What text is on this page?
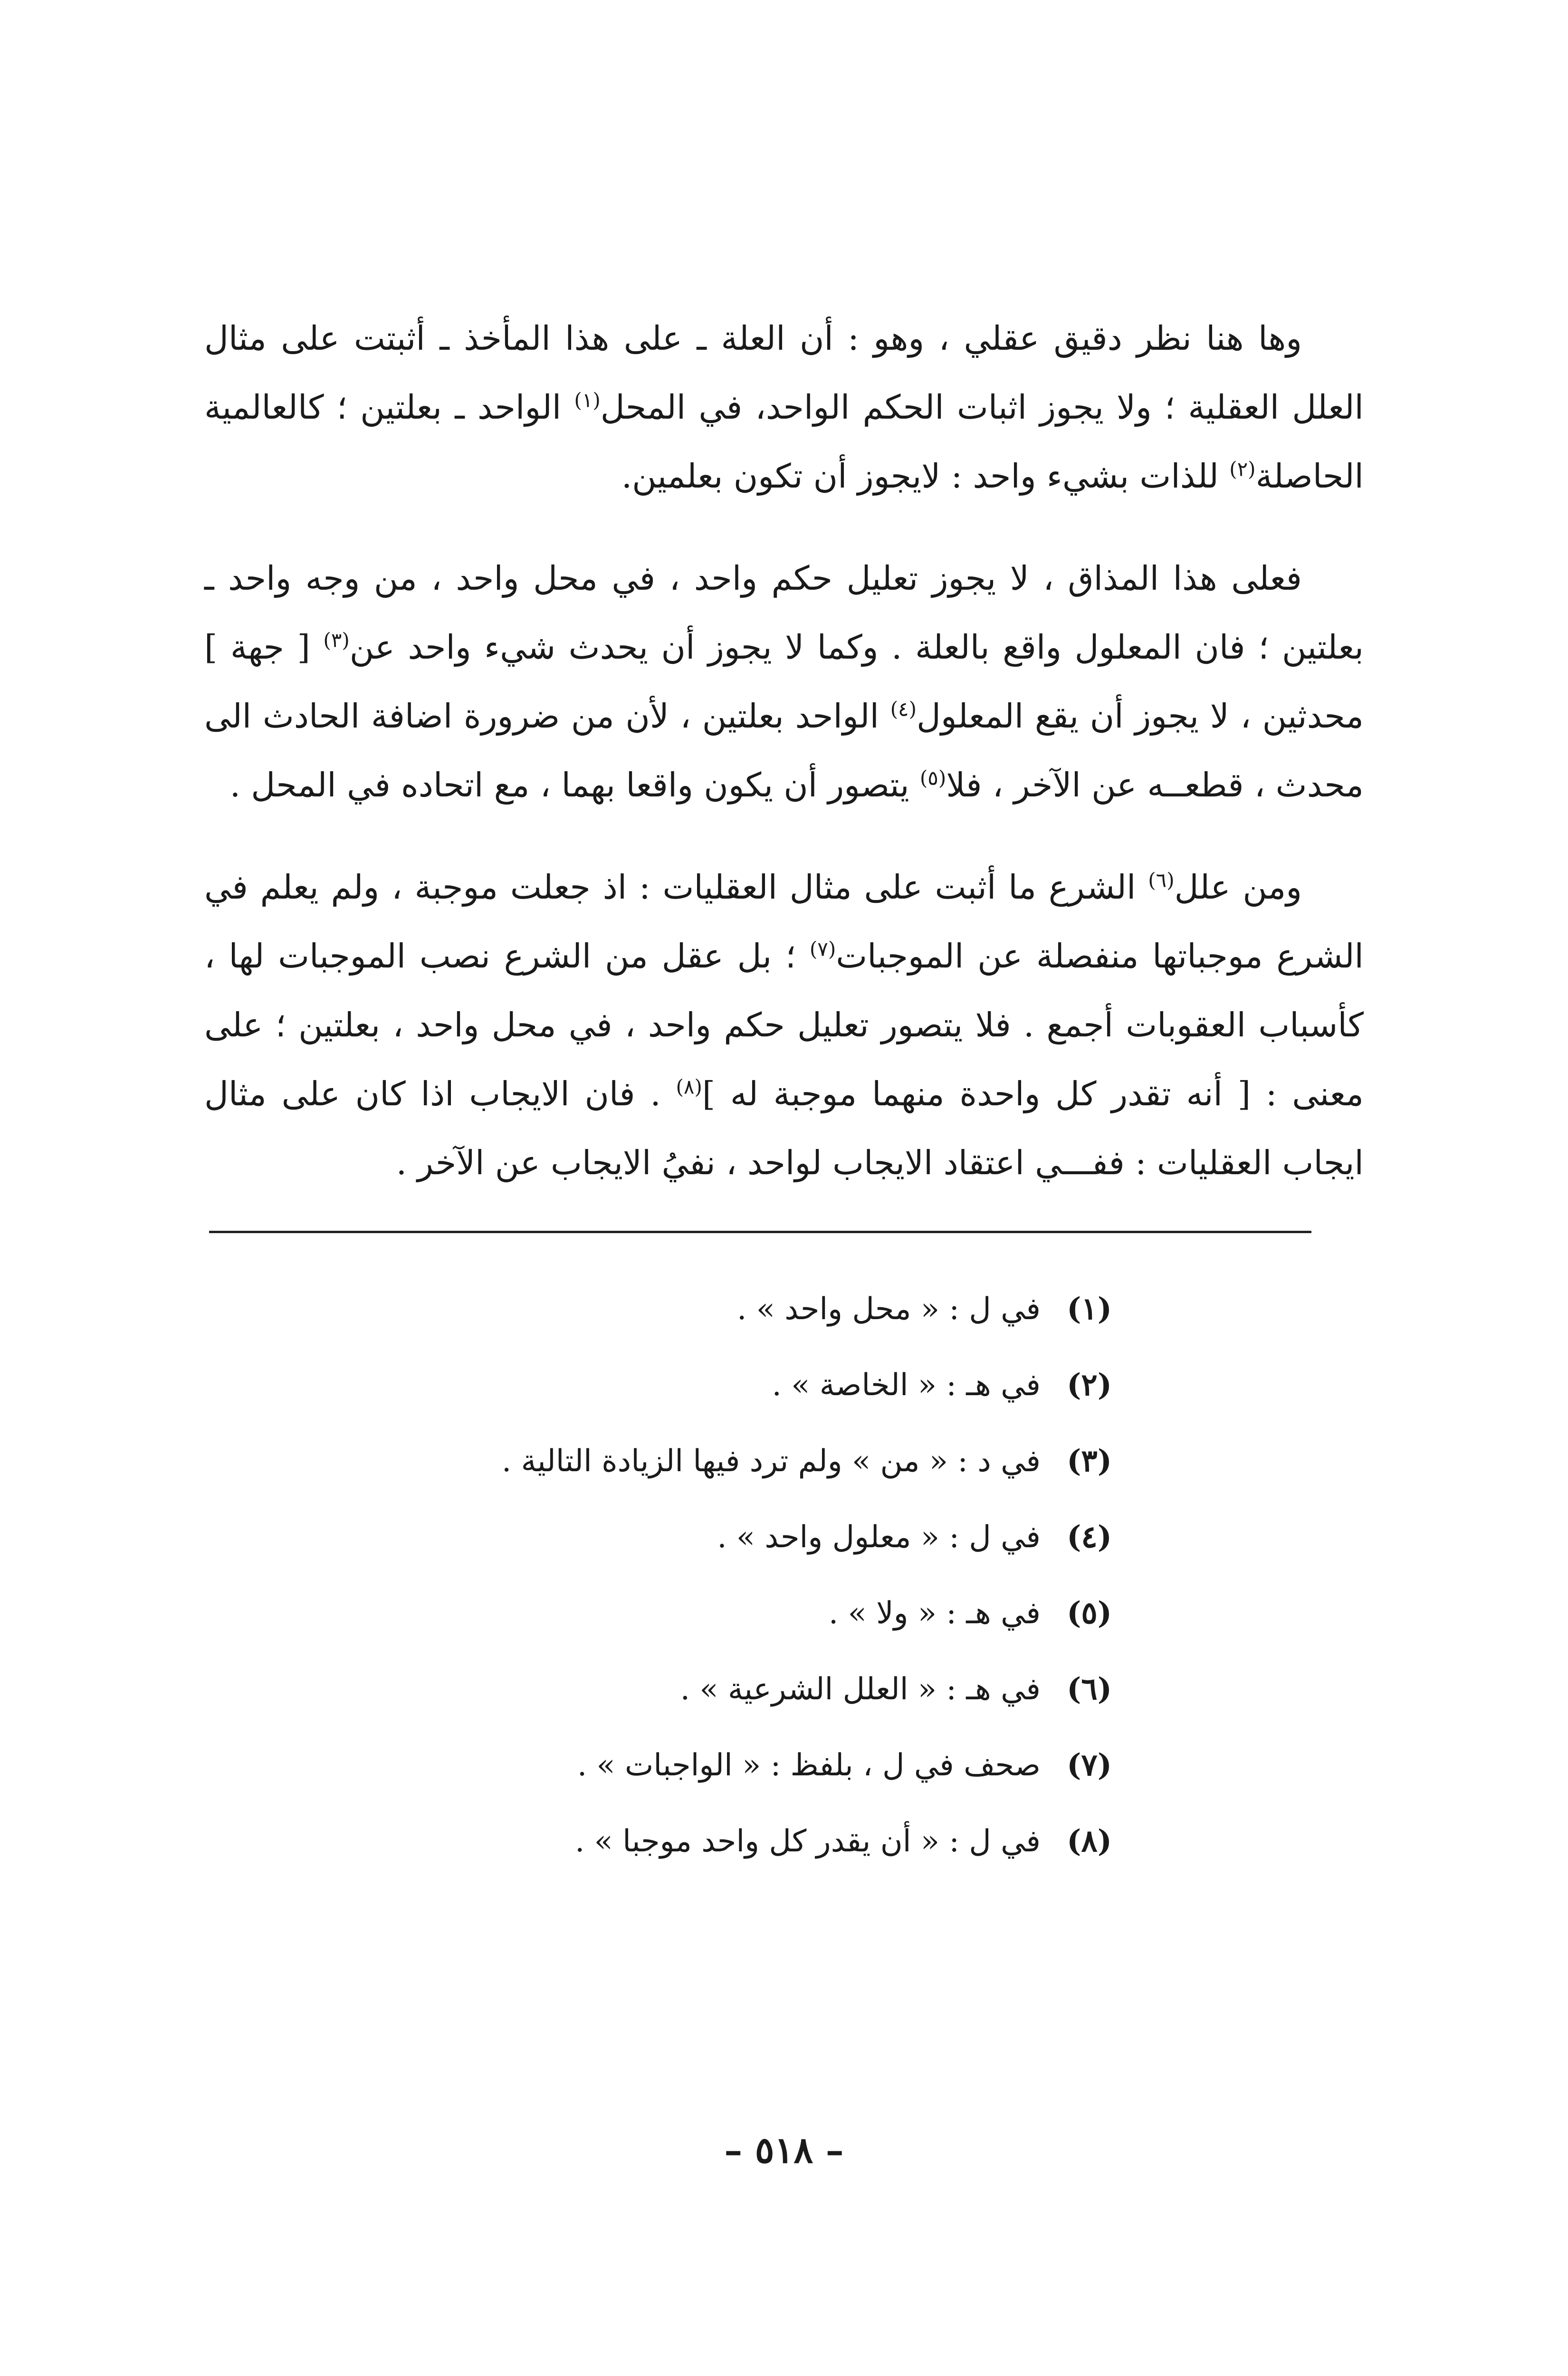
وها هنا نظر دقيق عقلي ، وهو : أن العلة ـ على هذا المأخذ ـ أثبتت على مثال العلل العقلية ؛ ولا يجوز اثبات الحكم الواحد، في المحل$^{(١)}$ الواحد ـ بعلتين ؛ كالعالمية الحاصلة$^{(٢)}$ للذات بشيء واحد : لايجوز أن تكون بعلمين.

فعلى هذا المذاق ، لا يجوز تعليل حكم واحد ، في محل واحد ، من وجه واحد ـ بعلتين ؛ فان المعلول واقع بالعلة . وكما لا يجوز أن يحدث شيء واحد عن$^{(٣)}$ [ جهة ] محدثين ، لا يجوز أن يقع المعلول$^{(٤)}$ الواحد بعلتين ، لأن من ضرورة اضافة الحادث الى محدث ، قطعــه عن الآخر ، فلا$^{(٥)}$ يتصور أن يكون واقعا بهما ، مع اتحاده في المحل .

ومن علل$^{(٦)}$ الشرع ما أثبت على مثال العقليات : اذ جعلت موجبة ، ولم يعلم في الشرع موجباتها منفصلة عن الموجبات$^{(٧)}$ ؛ بل عقل من الشرع نصب الموجبات لها ، كأسباب العقوبات أجمع . فلا يتصور تعليل حكم واحد ، في محل واحد ، بعلتين ؛ على معنى : [ أنه تقدر كل واحدة منهما موجبة له ]$^{(٨)}$ . فان الايجاب اذا كان على مثال ايجاب العقليات : ففـــي اعتقاد الايجاب لواحد ، نفيُ الايجاب عن الآخر .

(١)
في ل : « محل واحد » .
(٢)
في هـ : « الخاصة » .
(٣)
في د : « من » ولم ترد فيها الزيادة التالية .
(٤)
في ل : « معلول واحد » .
(٥)
في هـ : « ولا » .
(٦)
في هـ : « العلل الشرعية » .
(٧)
صحف في ل ، بلفظ : « الواجبات » .
(٨)
في ل : « أن يقدر كل واحد موجبا » .
– ٥١٨ –
